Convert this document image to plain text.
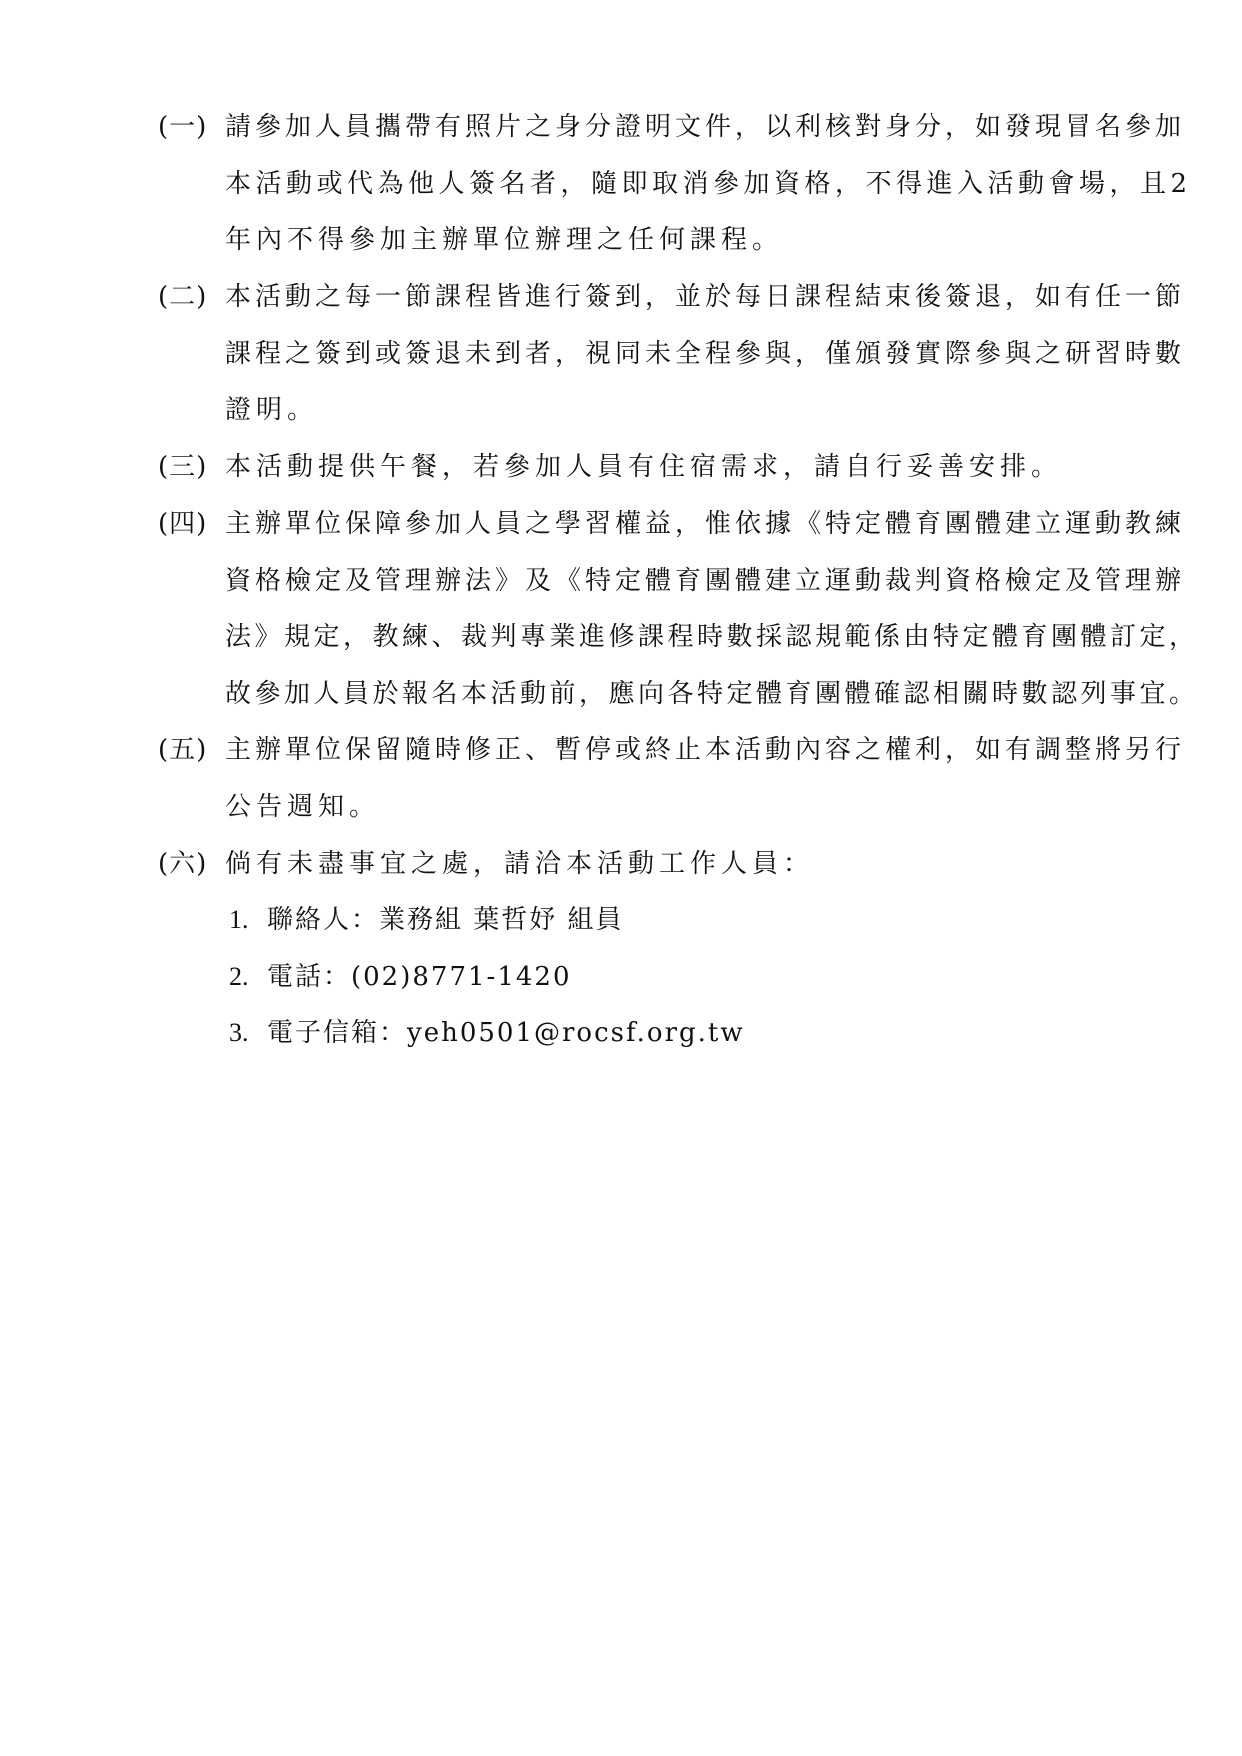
(一) 請參加人員攜帶有照片之身分證明文件，以利核對身分，如發現冒名參加
本活動或代為他人簽名者，隨即取消參加資格，不得進入活動會場，且2
年內不得參加主辦單位辦理之任何課程。
(二) 本活動之每一節課程皆進行簽到，並於每日課程結束後簽退，如有任一節
課程之簽到或簽退未到者，視同未全程參與，僅頒發實際參與之研習時數
證明。
(三) 本活動提供午餐，若參加人員有住宿需求，請自行妥善安排。
(四) 主辦單位保障參加人員之學習權益，惟依據《特定體育團體建立運動教練
資格檢定及管理辦法》及《特定體育團體建立運動裁判資格檢定及管理辦
法》規定，教練、裁判專業進修課程時數採認規範係由特定體育團體訂定，
故參加人員於報名本活動前，應向各特定體育團體確認相關時數認列事宜。
(五) 主辦單位保留隨時修正、暫停或終止本活動內容之權利，如有調整將另行
公告週知。
(六) 倘有未盡事宜之處，請洽本活動工作人員：
1. 聯絡人：業務組 葉哲妤 組員
2. 電話：(02)8771-1420
3. 電子信箱：yeh0501@rocsf.org.tw
